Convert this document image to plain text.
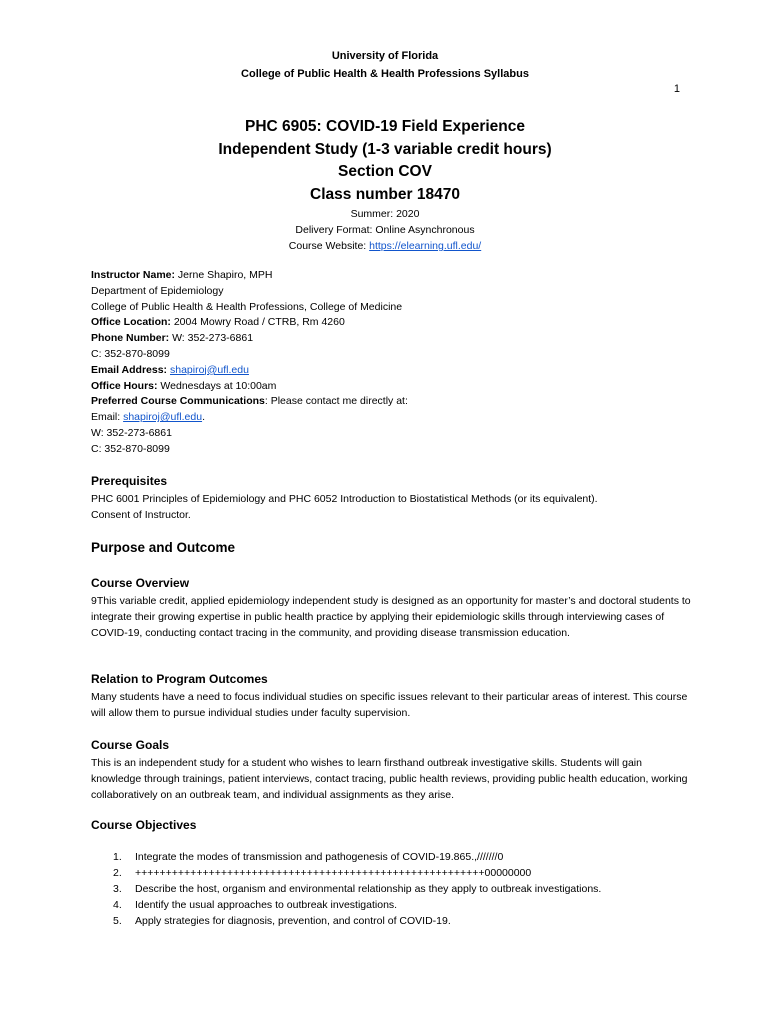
University of Florida
College of Public Health & Health Professions Syllabus
1
PHC 6905: COVID-19 Field Experience
Independent Study (1-3 variable credit hours)
Section COV
Class number 18470
Summer: 2020
Delivery Format: Online Asynchronous
Course Website: https://elearning.ufl.edu/
Instructor Name: Jerne Shapiro, MPH
Department of Epidemiology
College of Public Health & Health Professions, College of Medicine
Office Location: 2004 Mowry Road / CTRB, Rm 4260
Phone Number: W: 352-273-6861
C: 352-870-8099
Email Address: shapiroj@ufl.edu
Office Hours: Wednesdays at 10:00am
Preferred Course Communications: Please contact me directly at:
Email: shapiroj@ufl.edu.
W: 352-273-6861
C: 352-870-8099
Prerequisites
PHC 6001 Principles of Epidemiology and PHC 6052 Introduction to Biostatistical Methods (or its equivalent).
Consent of Instructor.
Purpose and Outcome
Course Overview
9This variable credit, applied epidemiology independent study is designed as an opportunity for master’s and doctoral students to integrate their growing expertise in public health practice by applying their epidemiologic skills through interviewing cases of COVID-19, conducting contact tracing in the community, and providing disease transmission education.
Relation to Program Outcomes
Many students have a need to focus individual studies on specific issues relevant to their particular areas of interest. This course will allow them to pursue individual studies under faculty supervision.
Course Goals
This is an independent study for a student who wishes to learn firsthand outbreak investigative skills. Students will gain knowledge through trainings, patient interviews, contact tracing, public health reviews, providing public health education, working collaboratively on an outbreak team, and individual assignments as they arise.
Course Objectives
1.	Integrate the modes of transmission and pathogenesis of COVID-19.865.,///////0
2.	+++++++++++++++++++++++++++++++++++++++++++++++++++++++++00000000
3.	Describe the host, organism and environmental relationship as they apply to outbreak investigations.
4.	Identify the usual approaches to outbreak investigations.
5.	Apply strategies for diagnosis, prevention, and control of COVID-19.
